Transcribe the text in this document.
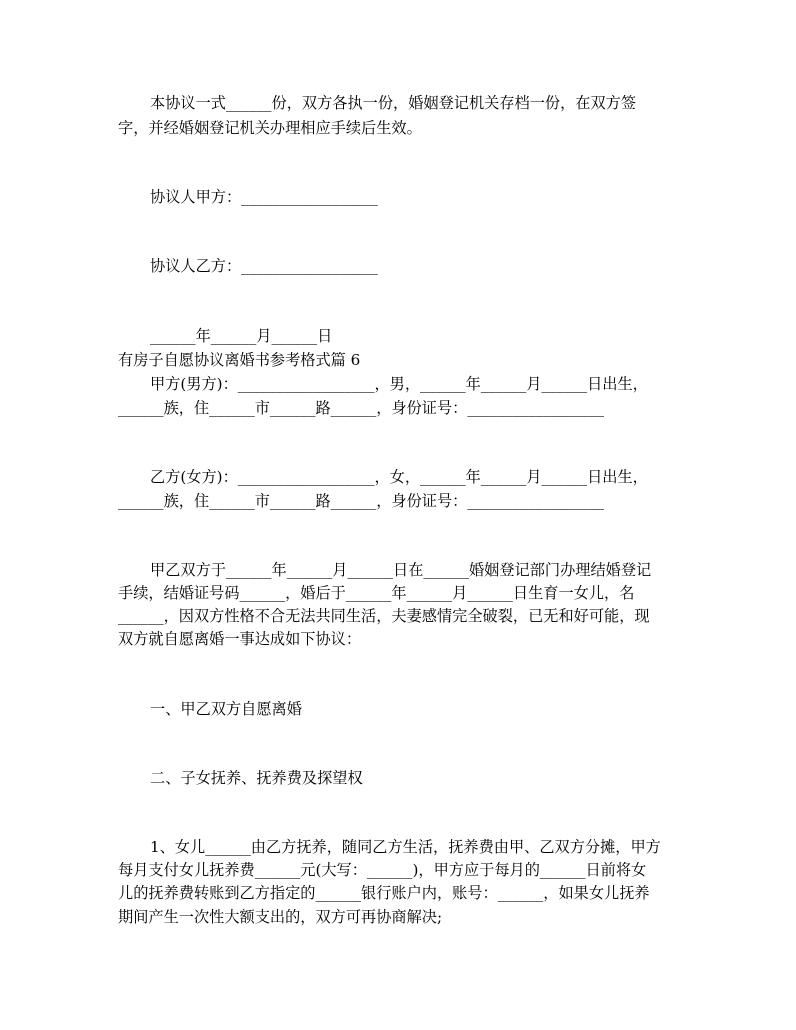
本协议一式______份，双方各执一份，婚姻登记机关存档一份，在双方签
字，并经婚姻登记机关办理相应手续后生效。
协议人甲方：__________________
协议人乙方：__________________
______年______月______日
有房子自愿协议离婚书参考格式篇 6
甲方(男方)：__________________，男，______年______月______日出生，
______族，住______市______路______，身份证号：__________________
乙方(女方)：__________________，女，______年______月______日出生，
______族，住______市______路______，身份证号：__________________
甲乙双方于______年______月______日在______婚姻登记部门办理结婚登记
手续，结婚证号码______，婚后于______年______月______日生育一女儿，名
______，因双方性格不合无法共同生活，夫妻感情完全破裂，已无和好可能，现
双方就自愿离婚一事达成如下协议：
一、甲乙双方自愿离婚
二、子女抚养、抚养费及探望权
1、女儿______由乙方抚养，随同乙方生活，抚养费由甲、乙双方分摊，甲方
每月支付女儿抚养费______元(大写：______)，甲方应于每月的______日前将女
儿的抚养费转账到乙方指定的______银行账户内，账号：______，如果女儿抚养
期间产生一次性大额支出的，双方可再协商解决;
